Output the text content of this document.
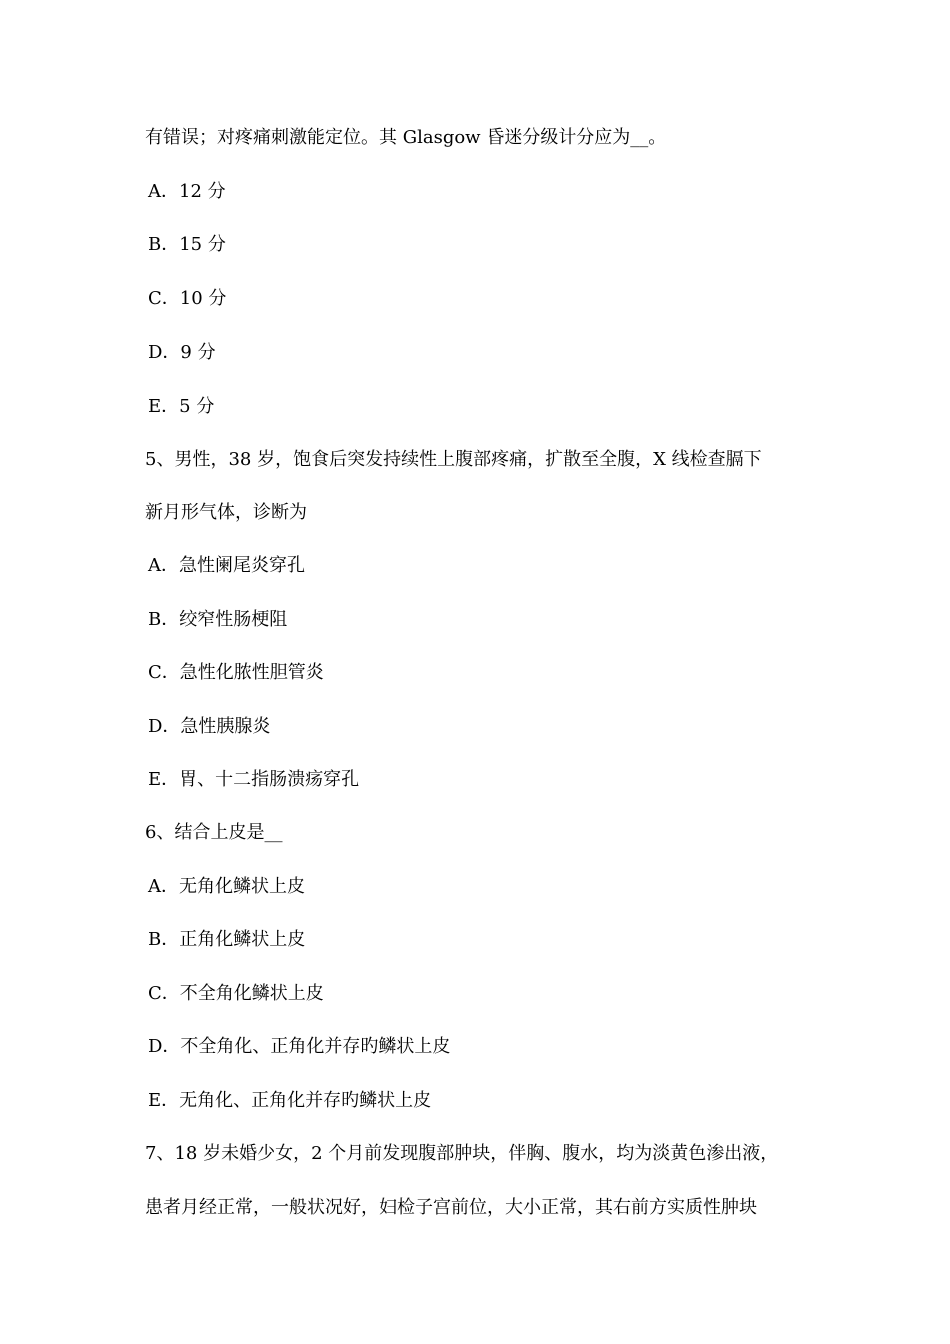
有错误；对疼痛刺激能定位。其 Glasgow 昏迷分级计分应为__。
A．12 分
B．15 分
C．10 分
D．9 分
E．5 分
5、男性，38 岁，饱食后突发持续性上腹部疼痛，扩散至全腹，X 线检查膈下
新月形气体，诊断为
A．急性阑尾炎穿孔
B．绞窄性肠梗阻
C．急性化脓性胆管炎
D．急性胰腺炎
E．胃、十二指肠溃疡穿孔
6、结合上皮是__
A．无角化鳞状上皮
B．正角化鳞状上皮
C．不全角化鳞状上皮
D．不全角化、正角化并存旳鳞状上皮
E．无角化、正角化并存旳鳞状上皮
7、18 岁未婚少女，2 个月前发现腹部肿块，伴胸、腹水，均为淡黄色渗出液，
患者月经正常，一般状况好，妇检子宫前位，大小正常，其右前方实质性肿块
